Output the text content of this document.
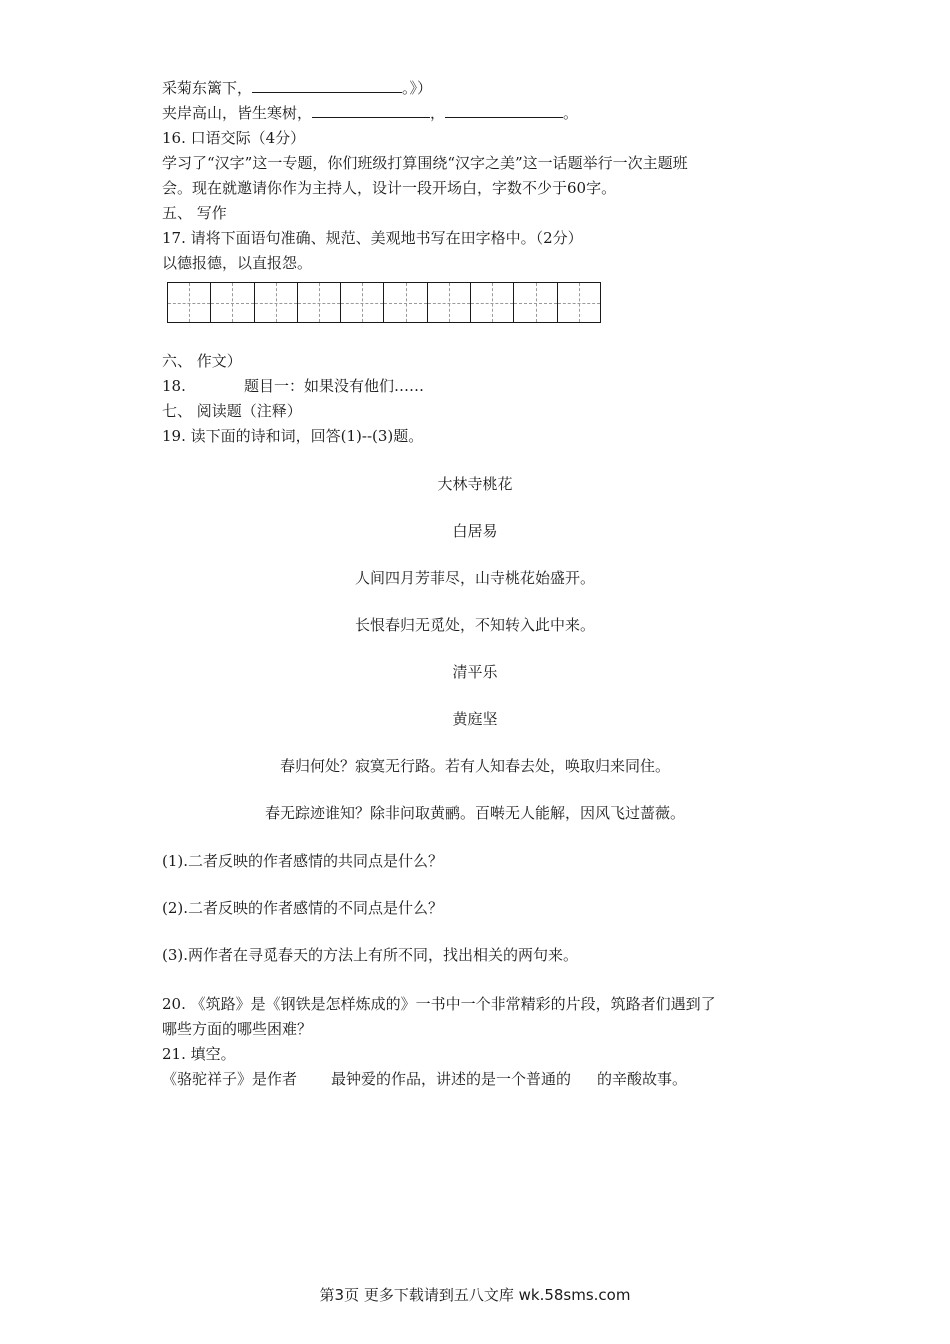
采菊东篱下，	。》）
夹岸高山，皆生寒树，	，	。
16. 口语交际（4分）
学习了“汉字”这一专题，你们班级打算围绕“汉字之美”这一话题举行一次主题班
会。现在就邀请你作为主持人，设计一段开场白，字数不少于60字。
五、 写作
17. 请将下面语句准确、规范、美观地书写在田字格中。（2分）
以德报德，以直报怨。
六、 作文）
18.	题目一：如果没有他们……
七、 阅读题（注释）
19. 读下面的诗和词，回答(1)--(3)题。
大林寺桃花
白居易
人间四月芳菲尽，山寺桃花始盛开。
长恨春归无觅处，不知转入此中来。
清平乐
黄庭坚
春归何处？寂寞无行路。若有人知春去处，唤取归来同住。
春无踪迹谁知？除非问取黄鹂。百啭无人能解，因风飞过蔷薇。
(1).二者反映的作者感情的共同点是什么？
(2).二者反映的作者感情的不同点是什么？
(3).两作者在寻觅春天的方法上有所不同，找出相关的两句来。
20. 《筑路》是《钢铁是怎样炼成的》一书中一个非常精彩的片段，筑路者们遇到了
哪些方面的哪些困难？
21. 填空。
《骆驼祥子》是作者 最钟爱的作品，讲述的是一个普通的 的辛酸故事。
第3页 更多下载请到五八文库 wk.58sms.com
